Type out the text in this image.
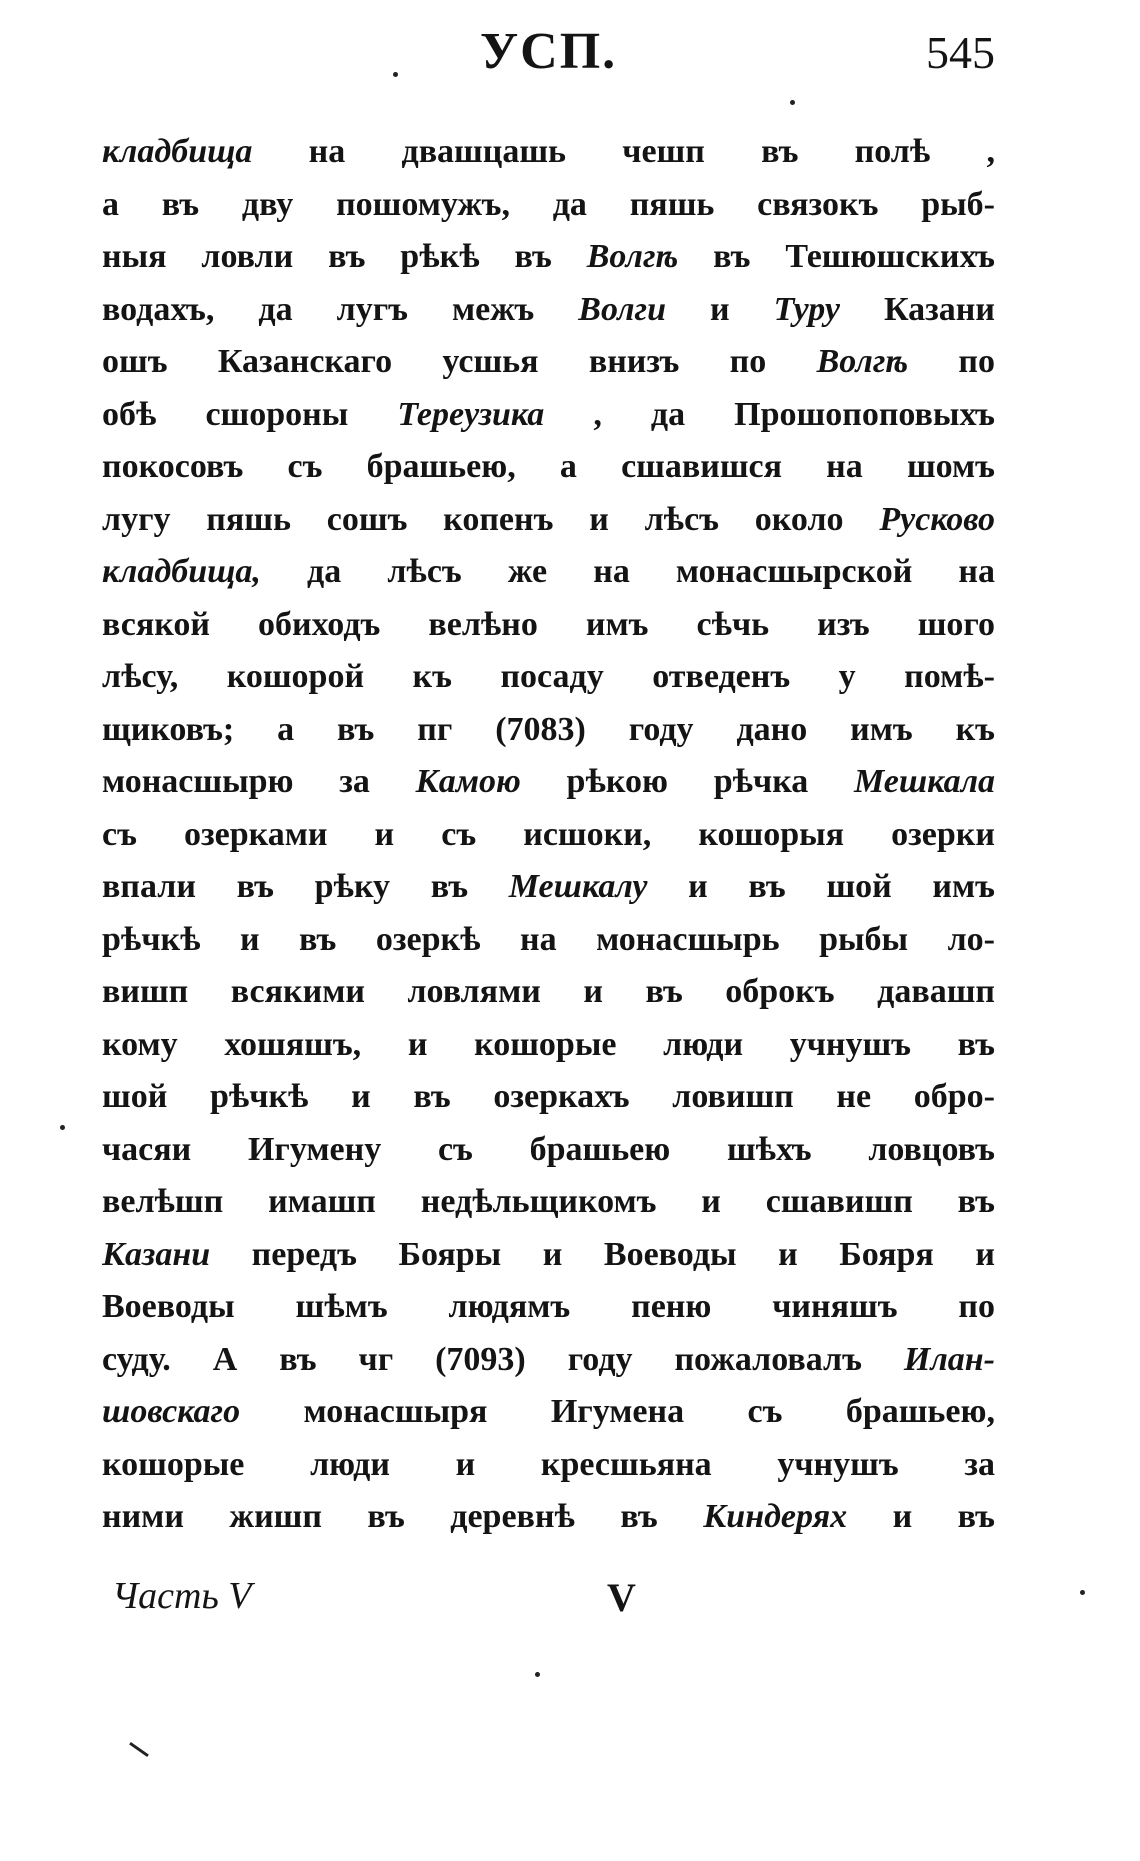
УСП.	545
кладбища на двашцашь чешп въ полѣ ,
а въ дву пошомужъ, да пяшь связокъ рыб-
ныя ловли въ рѣкѣ въ Волгѣ въ Тешюшскихъ
водахъ, да лугъ межъ Волги и Туру Казани
ошъ Казанскаго усшья внизъ по Волгѣ по
обѣ сшороны Тереузика , да Прошопоповыхъ
покосовъ съ брашьею, а сшавишся на шомъ
лугу пяшь сошъ копенъ и лѣсъ около Русково
кладбища, да лѣсъ же на монасшырской на
всякой обиходъ велѣно имъ сѣчь изъ шого
лѣсу, кошорой къ посаду отведенъ у помѣ-
щиковъ; а въ пг (7083) году дано имъ къ
монасшырю за Камою рѣкою рѣчка Мешкала
съ озерками и съ исшоки, кошорыя озерки
впали въ рѣку въ Мешкалу и въ шой имъ
рѣчкѣ и въ озеркѣ на монасшырь рыбы ло-
вишп всякими ловлями и въ оброкъ давашп
кому хошяшъ, и кошорые люди учнушъ въ
шой рѣчкѣ и въ озеркахъ ловишп не обро-
часяи Игумену съ брашьею шѣхъ ловцовъ
велѣшп имашп недѣльщикомъ и сшавишп въ
Казани передъ Бояры и Воеводы и Бояря и
Воеводы шѣмъ людямъ пеню чиняшъ по
суду. А въ чг (7093) году пожаловалъ Илан-
шовскаго монасшыря Игумена съ брашьею,
кошорые люди и кресшьяна учнушъ за
ними жишп въ деревнѣ въ Киндерях и въ
Часть V	V
